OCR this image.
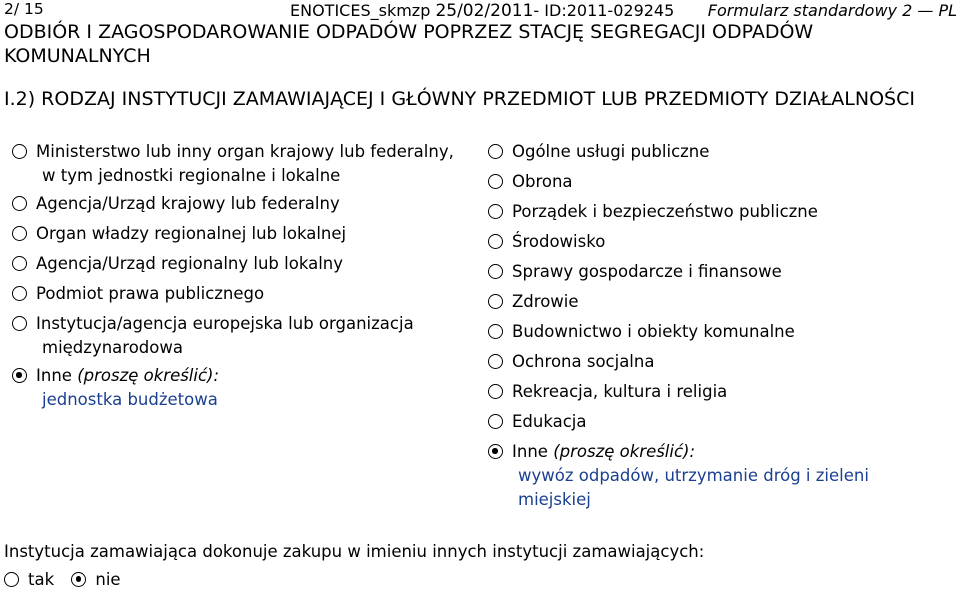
2/ 15	ENOTICES_skmzp 25/02/2011- ID:2011-029245 Formularz standardowy 2 — PL
ODBIÓR I ZAGOSPODAROWANIE ODPADÓW POPRZEZ STACJĘ SEGREGACJI ODPADÓW KOMUNALNYCH
I.2) RODZAJ INSTYTUCJI ZAMAWIAJĄCEJ I GŁÓWNY PRZEDMIOT LUB PRZEDMIOTY DZIAŁALNOŚCI
Ministerstwo lub inny organ krajowy lub federalny,
w tym jednostki regionalne i lokalne
Agencja/Urząd krajowy lub federalny
Organ władzy regionalnej lub lokalnej
Agencja/Urząd regionalny lub lokalny
Podmiot prawa publicznego
Instytucja/agencja europejska lub organizacja
międzynarodowa
Inne (proszę określić):
jednostka budżetowa
Ogólne usługi publiczne
Obrona
Porządek i bezpieczeństwo publiczne
Środowisko
Sprawy gospodarcze i finansowe
Zdrowie
Budownictwo i obiekty komunalne
Ochrona socjalna
Rekreacja, kultura i religia
Edukacja
Inne (proszę określić):
wywóz odpadów, utrzymanie dróg i zieleni
miejskiej
Instytucja zamawiająca dokonuje zakupu w imieniu innych instytucji zamawiających:
tak	nie
